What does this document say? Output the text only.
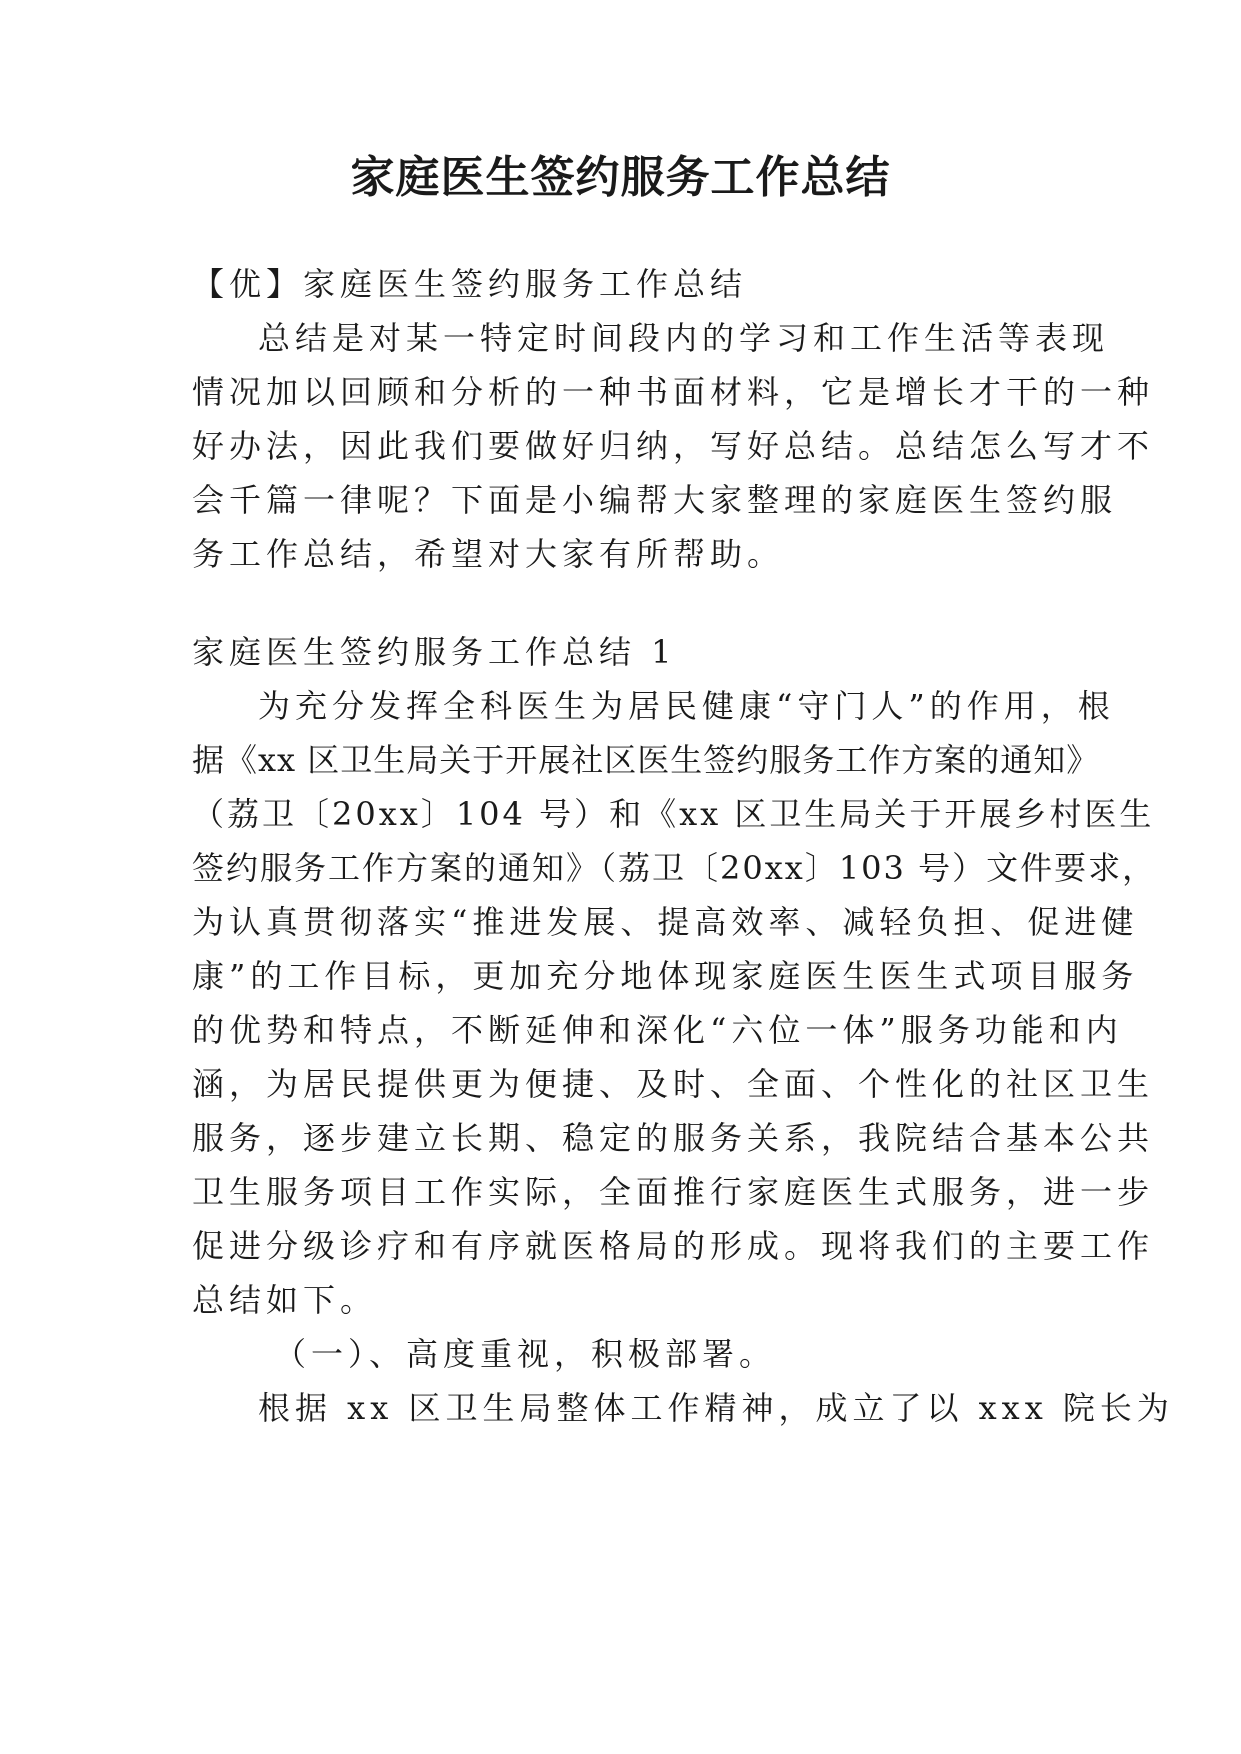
家庭医生签约服务工作总结
【优】家庭医生签约服务工作总结
总结是对某一特定时间段内的学习和工作生活等表现
情况加以回顾和分析的一种书面材料，它是增长才干的一种
好办法，因此我们要做好归纳，写好总结。总结怎么写才不
会千篇一律呢？下面是小编帮大家整理的家庭医生签约服
务工作总结，希望对大家有所帮助。
家庭医生签约服务工作总结 1
为充分发挥全科医生为居民健康“守门人”的作用，根
据《xx 区卫生局关于开展社区医生签约服务工作方案的通知》
（荔卫〔20xx〕104 号）和《xx 区卫生局关于开展乡村医生
签约服务工作方案的通知》（荔卫〔20xx〕103 号）文件要求，
为认真贯彻落实“推进发展、提高效率、减轻负担、促进健
康”的工作目标，更加充分地体现家庭医生医生式项目服务
的优势和特点，不断延伸和深化“六位一体”服务功能和内
涵，为居民提供更为便捷、及时、全面、个性化的社区卫生
服务，逐步建立长期、稳定的服务关系，我院结合基本公共
卫生服务项目工作实际，全面推行家庭医生式服务，进一步
促进分级诊疗和有序就医格局的形成。现将我们的主要工作
总结如下。
（一）、高度重视，积极部署。
根据 xx 区卫生局整体工作精神，成立了以 xxx 院长为
